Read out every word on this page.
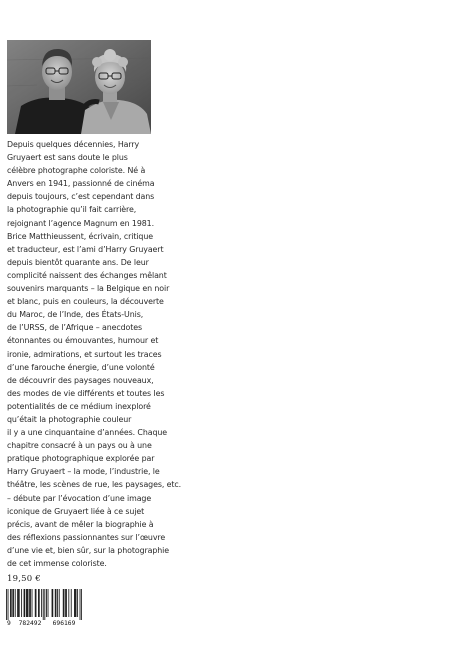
Depuis quelques décennies, Harry
Gruyaert est sans doute le plus
célèbre photographe coloriste. Né à
Anvers en 1941, passionné de cinéma
depuis toujours, c’est cependant dans
la photographie qu’il fait carrière,
rejoignant l’agence Magnum en 1981.
Brice Matthieussent, écrivain, critique
et traducteur, est l’ami d’Harry Gruyaert
depuis bientôt quarante ans. De leur
complicité naissent des échanges mêlant
souvenirs marquants – la Belgique en noir
et blanc, puis en couleurs, la découverte
du Maroc, de l’Inde, des États-Unis,
de l’URSS, de l’Afrique – anecdotes
étonnantes ou émouvantes, humour et
ironie, admirations, et surtout les traces
d’une farouche énergie, d’une volonté
de découvrir des paysages nouveaux,
des modes de vie différents et toutes les
potentialités de ce médium inexploré
qu’était la photographie couleur
il y a une cinquantaine d’années. Chaque
chapitre consacré à un pays ou à une
pratique photographique explorée par
Harry Gruyaert – la mode, l’industrie, le
théâtre, les scènes de rue, les paysages, etc.
– débute par l’évocation d’une image
iconique de Gruyaert liée à ce sujet
précis, avant de mêler la biographie à
des réflexions passionnantes sur l’œuvre
d’une vie et, bien sûr, sur la photographie
de cet immense coloriste.
19,50 €
9 782492 696169
